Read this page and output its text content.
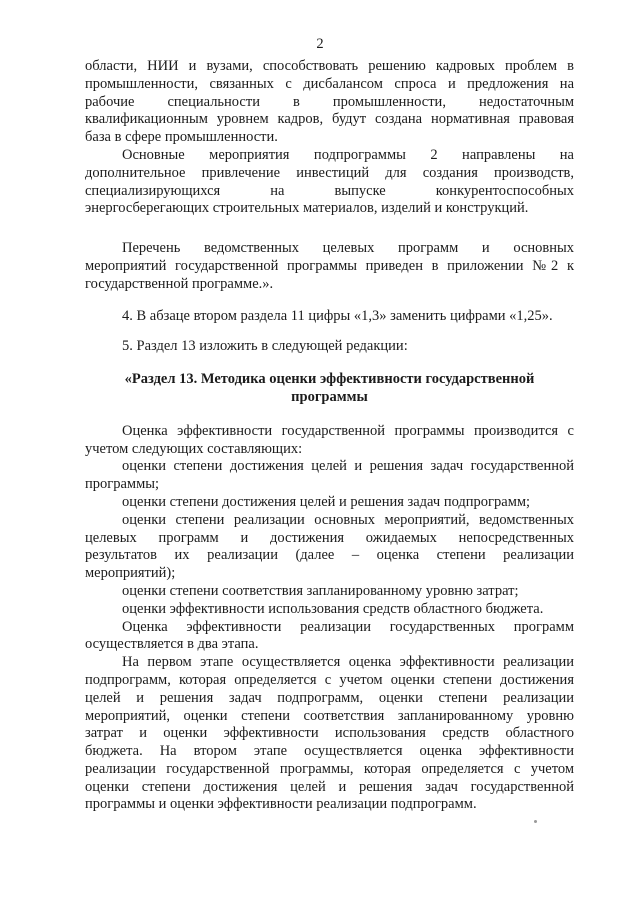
2
области, НИИ и вузами, способствовать решению кадровых проблем в
промышленности, связанных с дисбалансом спроса и предложения на
рабочие специальности в промышленности, недостаточным
квалификационным уровнем кадров, будут создана нормативная правовая
база в сфере промышленности.
Основные мероприятия подпрограммы 2 направлены на
дополнительное привлечение инвестиций для создания производств,
специализирующихся на выпуске конкурентоспособных
энергосберегающих строительных материалов, изделий и конструкций.
Перечень ведомственных целевых программ и основных
мероприятий государственной программы приведен в приложении №2 к
государственной программе.».
4. В абзаце втором раздела 11 цифры «1,3» заменить цифрами «1,25».
5. Раздел 13 изложить в следующей редакции:
«Раздел 13. Методика оценки эффективности государственной
программы
Оценка эффективности государственной программы производится с
учетом следующих составляющих:
оценки степени достижения целей и решения задач государственной
программы;
оценки степени достижения целей и решения задач подпрограмм;
оценки степени реализации основных мероприятий, ведомственных
целевых программ и достижения ожидаемых непосредственных
результатов их реализации (далее – оценка степени реализации
мероприятий);
оценки степени соответствия запланированному уровню затрат;
оценки эффективности использования средств областного бюджета.
Оценка эффективности реализации государственных программ
осуществляется в два этапа.
На первом этапе осуществляется оценка эффективности реализации
подпрограмм, которая определяется с учетом оценки степени достижения
целей и решения задач подпрограмм, оценки степени реализации
мероприятий, оценки степени соответствия запланированному уровню
затрат и оценки эффективности использования средств областного
бюджета. На втором этапе осуществляется оценка эффективности
реализации государственной программы, которая определяется с учетом
оценки степени достижения целей и решения задач государственной
программы и оценки эффективности реализации подпрограмм.
